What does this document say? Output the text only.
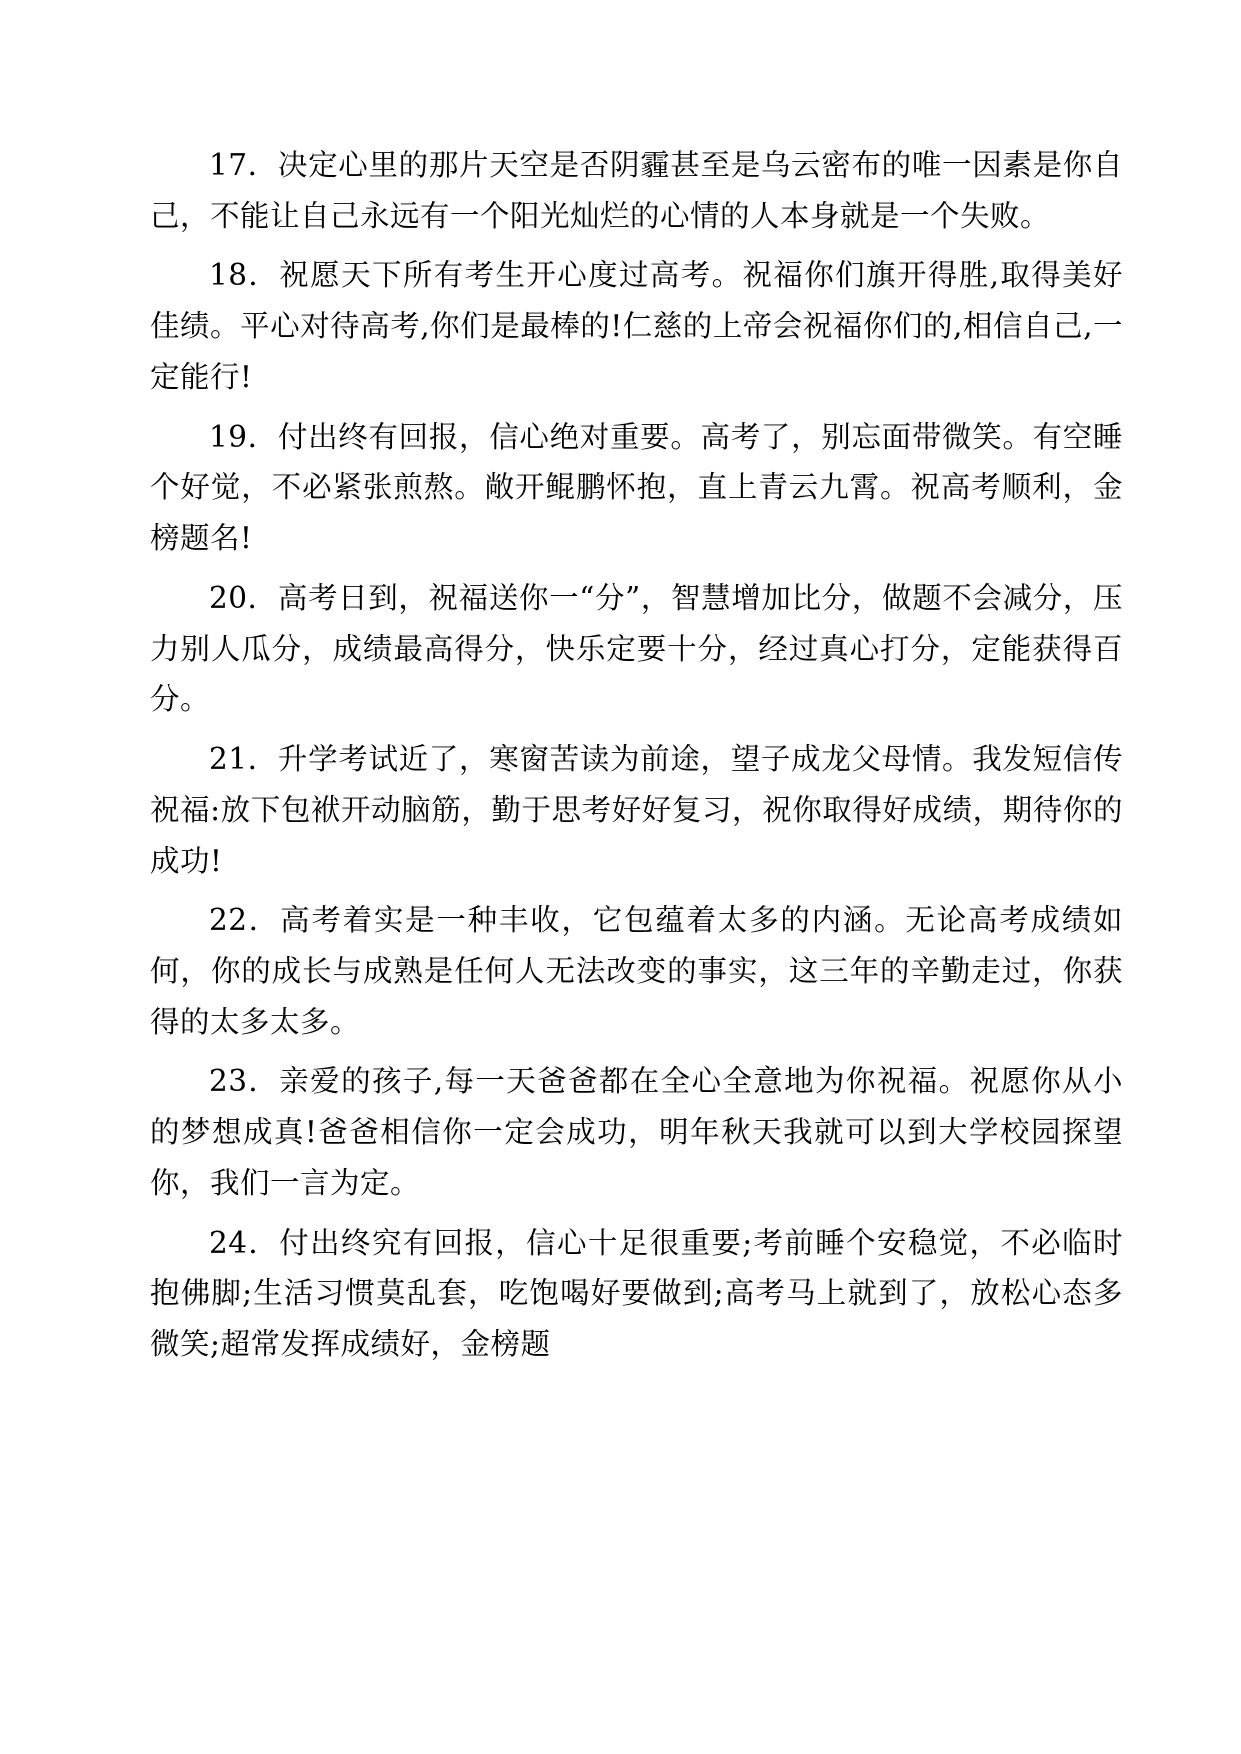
17．决定心里的那片天空是否阴霾甚至是乌云密布的唯一因素是你自己，不能让自己永远有一个阳光灿烂的心情的人本身就是一个失败。

18．祝愿天下所有考生开心度过高考。祝福你们旗开得胜,取得美好佳绩。平心对待高考,你们是最棒的!仁慈的上帝会祝福你们的,相信自己,一定能行!

19．付出终有回报，信心绝对重要。高考了，别忘面带微笑。有空睡个好觉，不必紧张煎熬。敞开鲲鹏怀抱，直上青云九霄。祝高考顺利，金榜题名!

20．高考日到，祝福送你一“分”，智慧增加比分，做题不会减分，压力别人瓜分，成绩最高得分，快乐定要十分，经过真心打分，定能获得百分。

21．升学考试近了，寒窗苦读为前途，望子成龙父母情。我发短信传祝福:放下包袱开动脑筋，勤于思考好好复习，祝你取得好成绩，期待你的成功!

22．高考着实是一种丰收，它包蕴着太多的内涵。无论高考成绩如何，你的成长与成熟是任何人无法改变的事实，这三年的辛勤走过，你获得的太多太多。

23．亲爱的孩子,每一天爸爸都在全心全意地为你祝福。祝愿你从小的梦想成真!爸爸相信你一定会成功，明年秋天我就可以到大学校园探望你，我们一言为定。

24．付出终究有回报，信心十足很重要;考前睡个安稳觉，不必临时抱佛脚;生活习惯莫乱套，吃饱喝好要做到;高考马上就到了，放松心态多微笑;超常发挥成绩好，金榜题
